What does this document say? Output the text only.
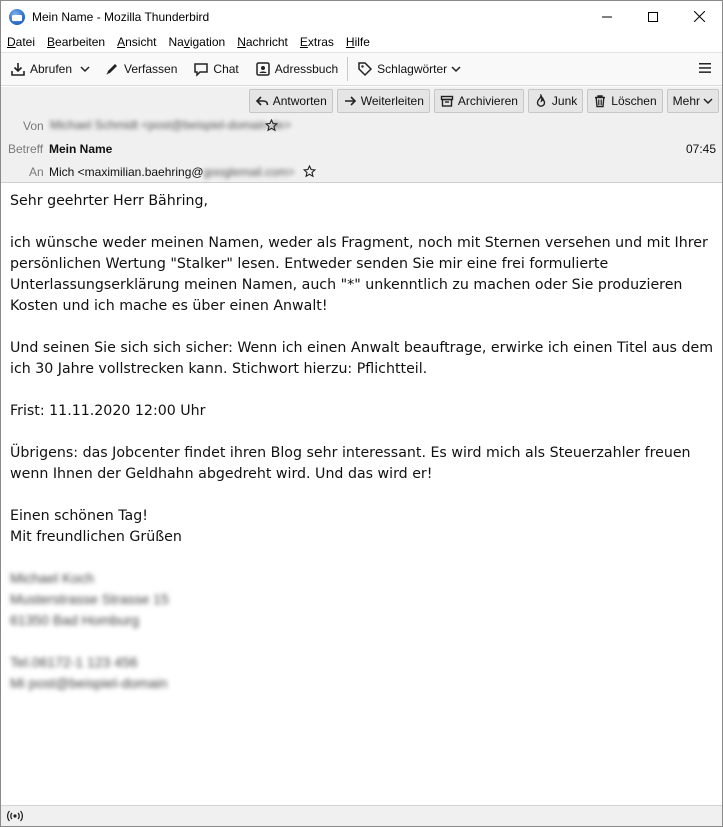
Mein Name - Mozilla Thunderbird
Datei	Bearbeiten	Ansicht	Navigation	Nachricht	Extras	Hilfe
Abrufen	Verfassen	Chat	Adressbuch	Schlagwörter
Antworten	Weiterleiten	Archivieren	Junk	Löschen Mehr
Von Michael Schmidt <post@beispiel-domain.de>
Betreff Mein Name	07:45
An Mich <maximilian.baehring@googlemail.com>

Sehr geehrter Herr Bähring,

ich wünsche weder meinen Namen, weder als Fragment, noch mit Sternen versehen und mit Ihrer persönlichen Wertung "Stalker" lesen. Entweder senden Sie mir eine frei formulierte Unterlassungserklärung meinen Namen, auch "*" unkenntlich zu machen oder Sie produzieren Kosten und ich mache es über einen Anwalt!

Und seinen Sie sich sich sicher: Wenn ich einen Anwalt beauftrage, erwirke ich einen Titel aus dem ich 30 Jahre vollstrecken kann. Stichwort hierzu: Pflichtteil.

Frist: 11.11.2020 12:00 Uhr

Übrigens: das Jobcenter findet ihren Blog sehr interessant. Es wird mich als Steuerzahler freuen wenn Ihnen der Geldhahn abgedreht wird. Und das wird er!

Einen schönen Tag!
Mit freundlichen Grüßen
Michael Koch
Musterstrasse Strasse 15
61350 Bad Homburg
Tel.06172-1 123 456
Mi post@beispiel-domain
